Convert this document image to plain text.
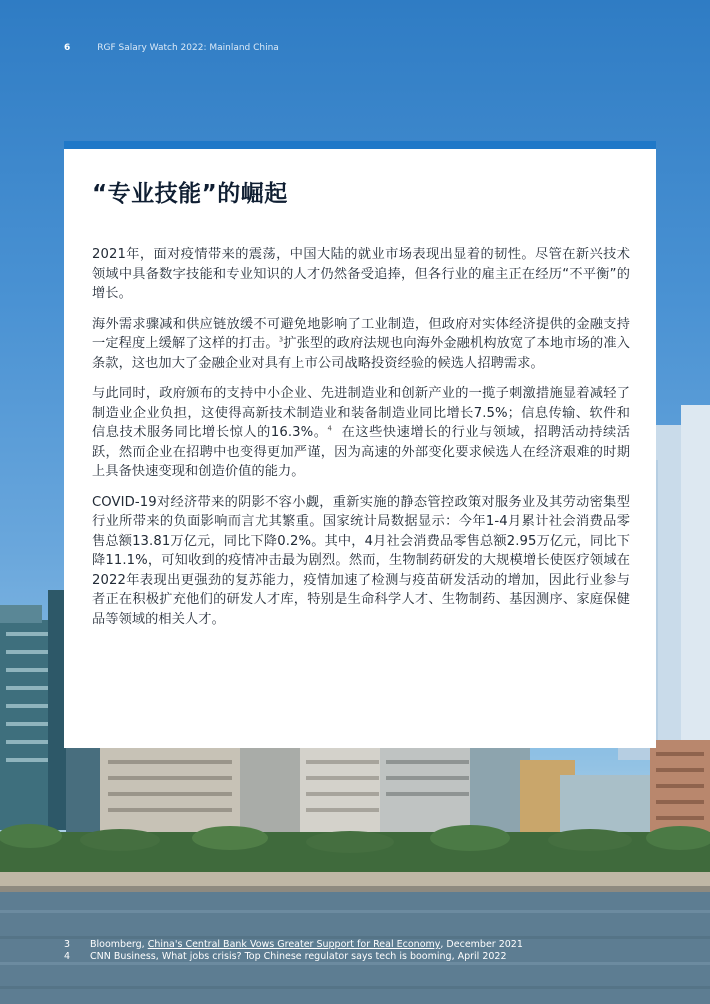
6	RGF Salary Watch 2022: Mainland China
“专业技能”的崛起

2021年，面对疫情带来的震荡，中国大陆的就业市场表现出显着的韧性。尽管在新兴技术领域中具备数字技能和专业知识的人才仍然备受追捧，但各行业的雇主正在经历“不平衡”的增长。

海外需求骤减和供应链放缓不可避免地影响了工业制造，但政府对实体经济提供的金融支持一定程度上缓解了这样的打击。$^3$扩张型的政府法规也向海外金融机构放宽了本地市场的准入条款，这也加大了金融企业对具有上市公司战略投资经验的候选人招聘需求。

与此同时，政府颁布的支持中小企业、先进制造业和创新产业的一揽子刺激措施显着减轻了制造业企业负担，这使得高新技术制造业和装备制造业同比增长7.5%；信息传输、软件和信息技术服务同比增长惊人的16.3%。$^4$ 在这些快速增长的行业与领域，招聘活动持续活跃，然而企业在招聘中也变得更加严谨，因为高速的外部变化要求候选人在经济艰难的时期上具备快速变现和创造价值的能力。

COVID-19对经济带来的阴影不容小觑，重新实施的静态管控政策对服务业及其劳动密集型行业所带来的负面影响而言尤其繁重。国家统计局数据显示：今年1-4月累计社会消费品零售总额13.81万亿元，同比下降0.2%。其中，4月社会消费品零售总额2.95万亿元，同比下降11.1%，可知收到的疫情冲击最为剧烈。然而，生物制药研发的大规模增长使医疗领域在 2022年表现出更强劲的复苏能力，疫情加速了检测与疫苗研发活动的增加，因此行业参与者正在积极扩充他们的研发人才库，特别是生命科学人才、生物制药、基因测序、家庭保健品等领域的相关人才。

3	Bloomberg, China's Central Bank Vows Greater Support for Real Economy, December 2021
4	CNN Business, What jobs crisis? Top Chinese regulator says tech is booming, April 2022
